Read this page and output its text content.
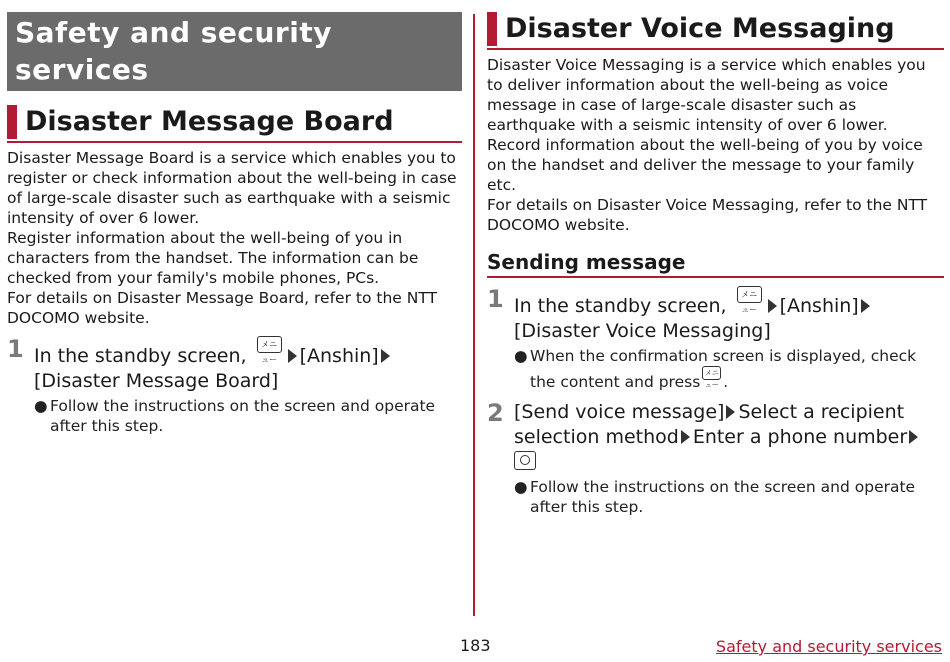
Safety and security services
Disaster Message Board

Disaster Message Board is a service which enables you to register or check information about the well-being in case of large-scale disaster such as earthquake with a seismic intensity of over 6 lower.

Register information about the well-being of you in characters from the handset. The information can be checked from your family's mobile phones, PCs.

For details on Disaster Message Board, refer to the NTT DOCOMO website.

1 In the standby screen, メニュー [Anshin]
[Disaster Message Board]
● Follow the instructions on the screen and operate after this step.
Disaster Voice Messaging

Disaster Voice Messaging is a service which enables you to deliver information about the well-being as voice message in case of large-scale disaster such as earthquake with a seismic intensity of over 6 lower.

Record information about the well-being of you by voice on the handset and deliver the message to your family etc.

For details on Disaster Voice Messaging, refer to the NTT DOCOMO website.

Sending message
1 In the standby screen, メニュー [Anshin]
[Disaster Voice Messaging]
● When the confirmation screen is displayed, check the content and press メニュー .
2 [Send voice message] Select a recipient selection method Enter a phone number

● Follow the instructions on the screen and operate after this step.
183	Safety and security services
